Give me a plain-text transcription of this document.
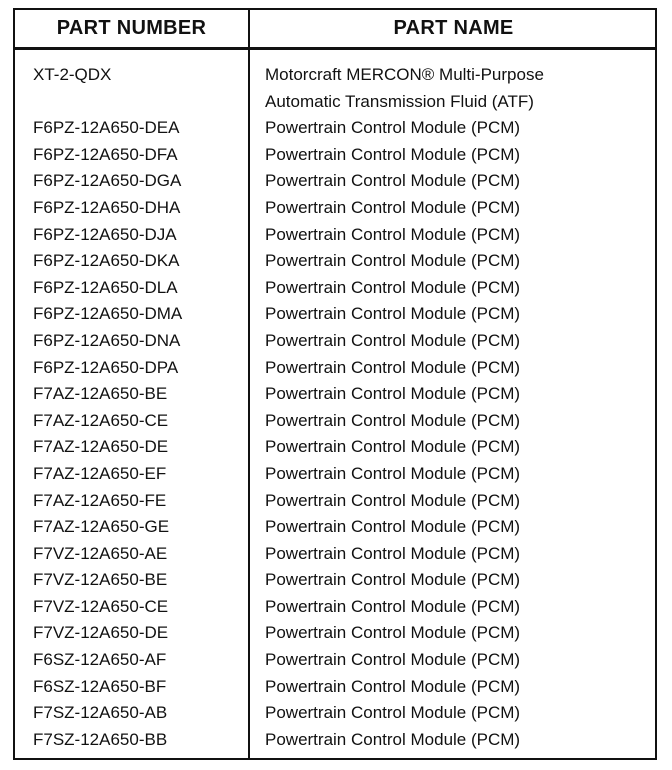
PART NUMBER	PART NAME
XT-2-QDX	Motorcraft MERCON® Multi-Purpose
Automatic Transmission Fluid (ATF)
F6PZ-12A650-DEA	Powertrain Control Module (PCM)
F6PZ-12A650-DFA	Powertrain Control Module (PCM)
F6PZ-12A650-DGA	Powertrain Control Module (PCM)
F6PZ-12A650-DHA	Powertrain Control Module (PCM)
F6PZ-12A650-DJA	Powertrain Control Module (PCM)
F6PZ-12A650-DKA	Powertrain Control Module (PCM)
F6PZ-12A650-DLA	Powertrain Control Module (PCM)
F6PZ-12A650-DMA	Powertrain Control Module (PCM)
F6PZ-12A650-DNA	Powertrain Control Module (PCM)
F6PZ-12A650-DPA	Powertrain Control Module (PCM)
F7AZ-12A650-BE	Powertrain Control Module (PCM)
F7AZ-12A650-CE	Powertrain Control Module (PCM)
F7AZ-12A650-DE	Powertrain Control Module (PCM)
F7AZ-12A650-EF	Powertrain Control Module (PCM)
F7AZ-12A650-FE	Powertrain Control Module (PCM)
F7AZ-12A650-GE	Powertrain Control Module (PCM)
F7VZ-12A650-AE	Powertrain Control Module (PCM)
F7VZ-12A650-BE	Powertrain Control Module (PCM)
F7VZ-12A650-CE	Powertrain Control Module (PCM)
F7VZ-12A650-DE	Powertrain Control Module (PCM)
F6SZ-12A650-AF	Powertrain Control Module (PCM)
F6SZ-12A650-BF	Powertrain Control Module (PCM)
F7SZ-12A650-AB	Powertrain Control Module (PCM)
F7SZ-12A650-BB	Powertrain Control Module (PCM)
